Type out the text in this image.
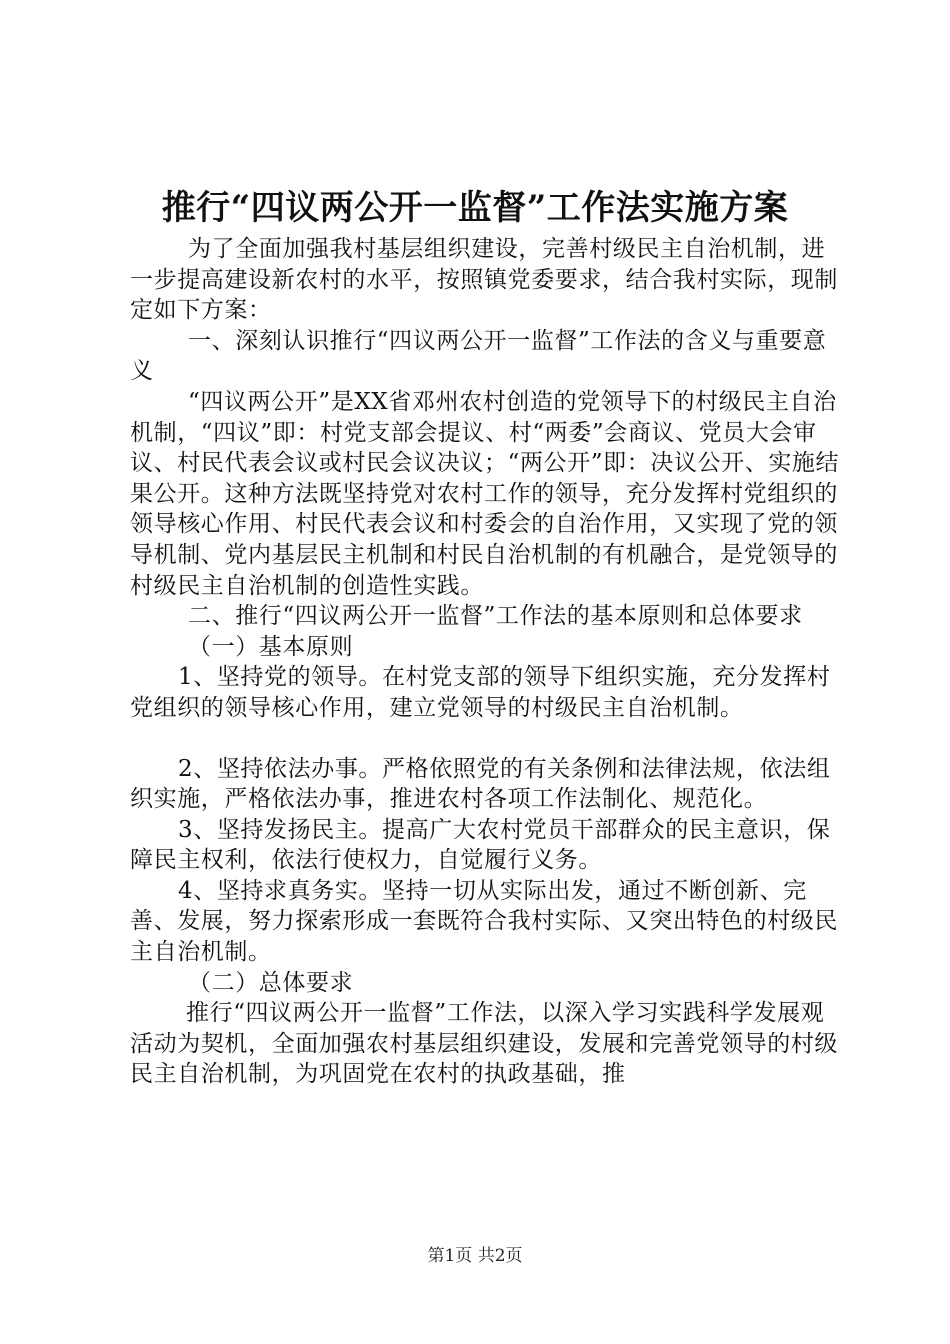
推行“四议两公开一监督”工作法实施方案

为了全面加强我村基层组织建设，完善村级民主自治机制，进一步提高建设新农村的水平，按照镇党委要求，结合我村实际，现制定如下方案：

一、深刻认识推行“四议两公开一监督”工作法的含义与重要意义

“四议两公开”是XX省邓州农村创造的党领导下的村级民主自治机制，“四议”即：村党支部会提议、村“两委”会商议、党员大会审议、村民代表会议或村民会议决议；“两公开”即：决议公开、实施结果公开。这种方法既坚持党对农村工作的领导，充分发挥村党组织的领导核心作用、村民代表会议和村委会的自治作用，又实现了党的领导机制、党内基层民主机制和村民自治机制的有机融合，是党领导的村级民主自治机制的创造性实践。

二、推行“四议两公开一监督”工作法的基本原则和总体要求

（一）基本原则

1、坚持党的领导。在村党支部的领导下组织实施，充分发挥村党组织的领导核心作用，建立党领导的村级民主自治机制。

2、坚持依法办事。严格依照党的有关条例和法律法规，依法组织实施，严格依法办事，推进农村各项工作法制化、规范化。

3、坚持发扬民主。提高广大农村党员干部群众的民主意识，保障民主权利，依法行使权力，自觉履行义务。

4、坚持求真务实。坚持一切从实际出发，通过不断创新、完善、发展，努力探索形成一套既符合我村实际、又突出特色的村级民主自治机制。

（二）总体要求

推行“四议两公开一监督”工作法，以深入学习实践科学发展观活动为契机，全面加强农村基层组织建设，发展和完善党领导的村级民主自治机制，为巩固党在农村的执政基础，推

第1页 共2页
